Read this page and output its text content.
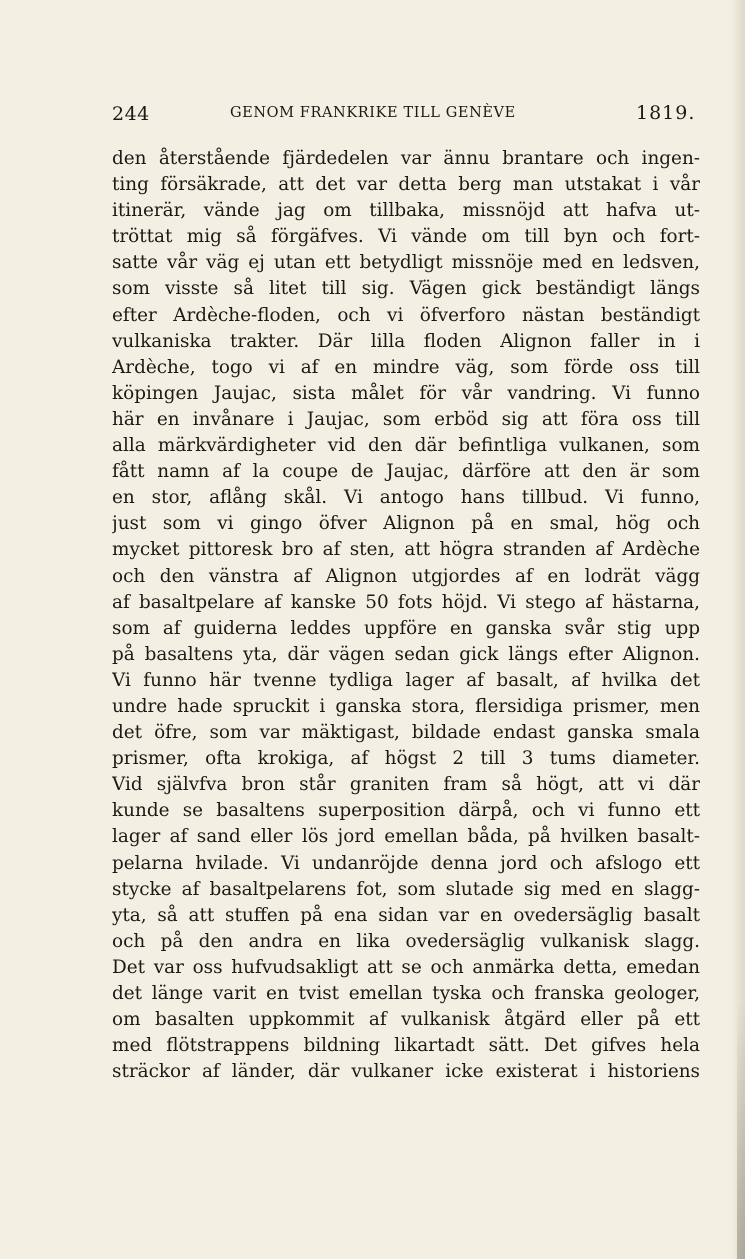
244	GENOM FRANKRIKE TILL GENÈVE	1819.
den återstående fjärdedelen var ännu brantare och ingen-
ting försäkrade, att det var detta berg man utstakat i vår
itinerär, vände jag om tillbaka, missnöjd att hafva ut-
tröttat mig så förgäfves. Vi vände om till byn och fort-
satte vår väg ej utan ett betydligt missnöje med en ledsven,
som visste så litet till sig. Vägen gick beständigt längs
efter Ardèche-floden, och vi öfverforo nästan beständigt
vulkaniska trakter. Där lilla floden Alignon faller in i
Ardèche, togo vi af en mindre väg, som förde oss till
köpingen Jaujac, sista målet för vår vandring. Vi funno
här en invånare i Jaujac, som erböd sig att föra oss till
alla märkvärdigheter vid den där befintliga vulkanen, som
fått namn af la coupe de Jaujac, därföre att den är som
en stor, aflång skål. Vi antogo hans tillbud. Vi funno,
just som vi gingo öfver Alignon på en smal, hög och
mycket pittoresk bro af sten, att högra stranden af Ardèche
och den vänstra af Alignon utgjordes af en lodrät vägg
af basaltpelare af kanske 50 fots höjd. Vi stego af hästarna,
som af guiderna leddes uppföre en ganska svår stig upp
på basaltens yta, där vägen sedan gick längs efter Alignon.
Vi funno här tvenne tydliga lager af basalt, af hvilka det
undre hade spruckit i ganska stora, flersidiga prismer, men
det öfre, som var mäktigast, bildade endast ganska smala
prismer, ofta krokiga, af högst 2 till 3 tums diameter.
Vid självfva bron står graniten fram så högt, att vi där
kunde se basaltens superposition därpå, och vi funno ett
lager af sand eller lös jord emellan båda, på hvilken basalt-
pelarna hvilade. Vi undanröjde denna jord och afslogo ett
stycke af basaltpelarens fot, som slutade sig med en slagg-
yta, så att stuffen på ena sidan var en ovedersäglig basalt
och på den andra en lika ovedersäglig vulkanisk slagg.
Det var oss hufvudsakligt att se och anmärka detta, emedan
det länge varit en tvist emellan tyska och franska geologer,
om basalten uppkommit af vulkanisk åtgärd eller på ett
med flötstrappens bildning likartadt sätt. Det gifves hela
sträckor af länder, där vulkaner icke existerat i historiens
